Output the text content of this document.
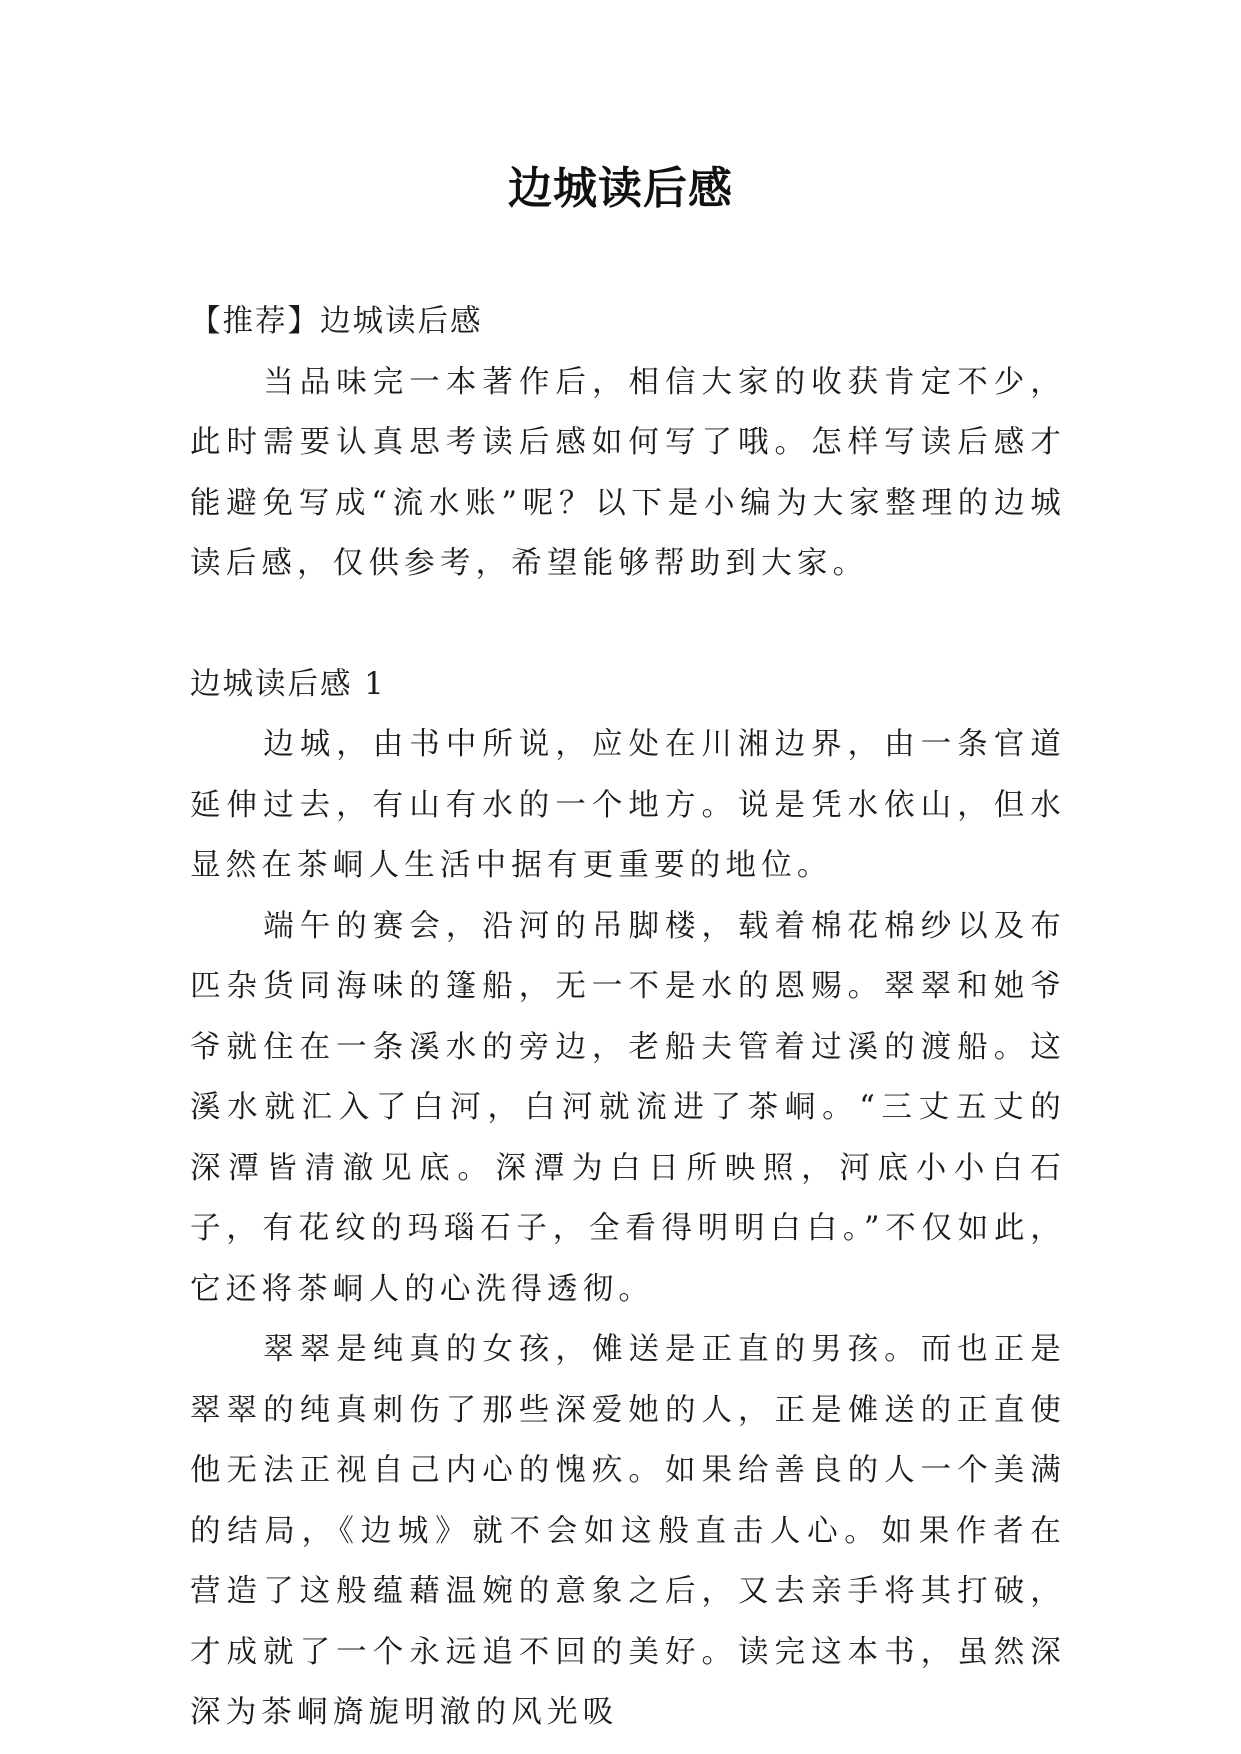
边城读后感

【推荐】边城读后感

当品味完一本著作后，相信大家的收获肯定不少，此时需要认真思考读后感如何写了哦。怎样写读后感才能避免写成“流水账”呢？以下是小编为大家整理的边城读后感，仅供参考，希望能够帮助到大家。

边城读后感 1

边城，由书中所说，应处在川湘边界，由一条官道延伸过去，有山有水的一个地方。说是凭水依山，但水显然在茶峒人生活中据有更重要的地位。

端午的赛会，沿河的吊脚楼，载着棉花棉纱以及布匹杂货同海味的篷船，无一不是水的恩赐。翠翠和她爷爷就住在一条溪水的旁边，老船夫管着过溪的渡船。这溪水就汇入了白河，白河就流进了茶峒。“三丈五丈的深潭皆清澈见底。深潭为白日所映照，河底小小白石子，有花纹的玛瑙石子，全看得明明白白。”不仅如此，它还将茶峒人的心洗得透彻。

翠翠是纯真的女孩，傩送是正直的男孩。而也正是翠翠的纯真刺伤了那些深爱她的人，正是傩送的正直使他无法正视自己内心的愧疚。如果给善良的人一个美满的结局，《边城》就不会如这般直击人心。如果作者在营造了这般蕴藉温婉的意象之后，又去亲手将其打破，才成就了一个永远追不回的美好。读完这本书，虽然深深为茶峒旖旎明澈的风光吸
